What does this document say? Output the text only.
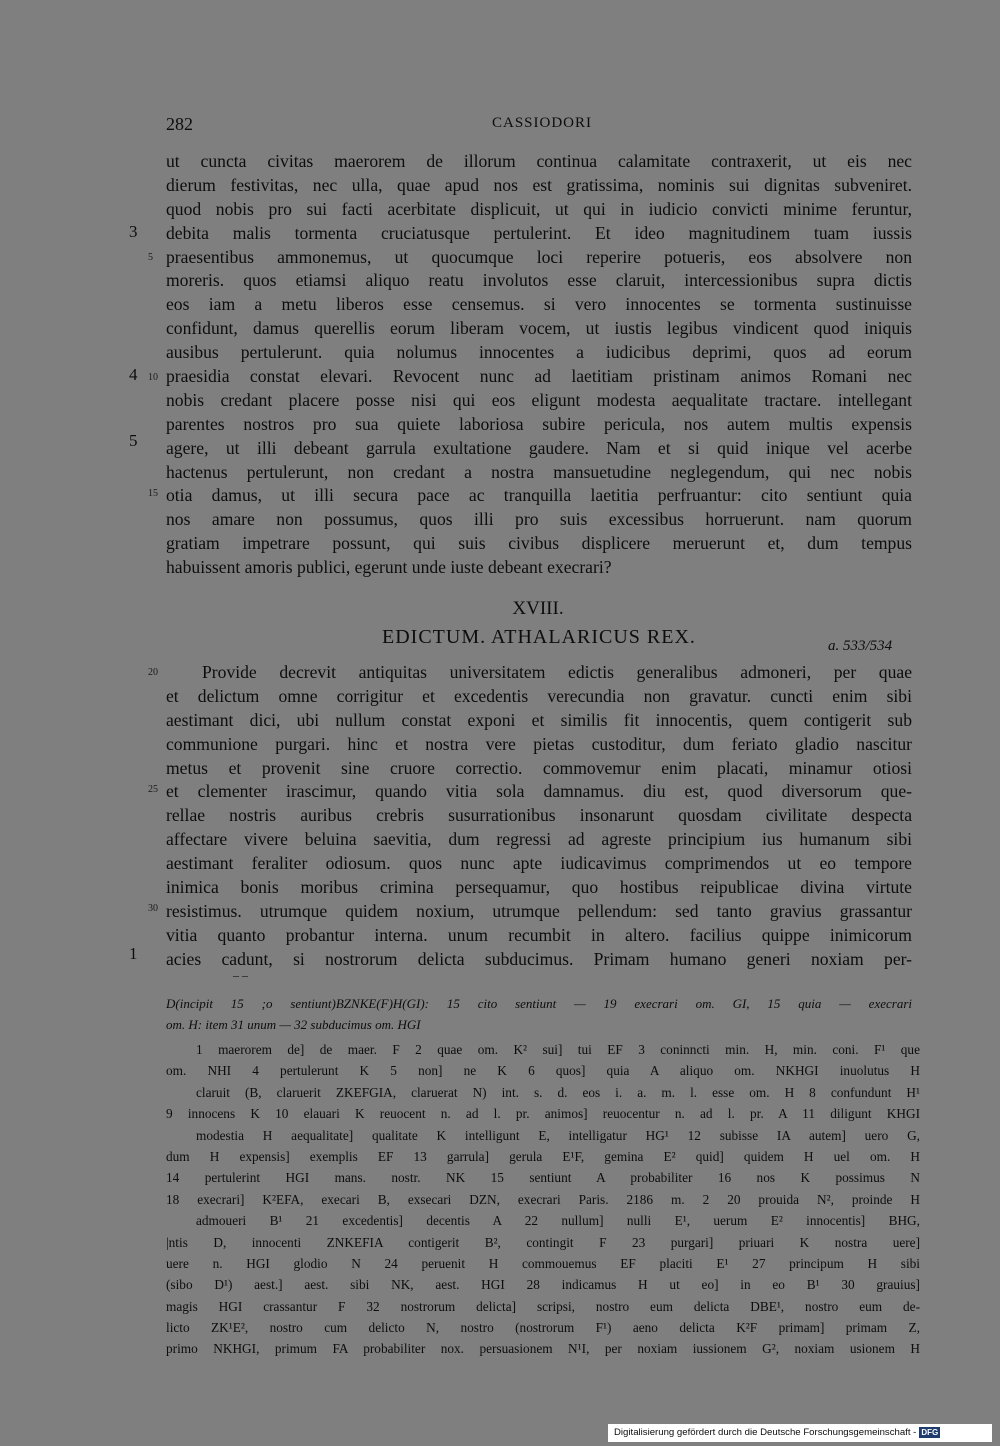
282	CASSIODORI
3
5
4 10
5
15
ut cuncta civitas maerorem de illorum continua calamitate contraxerit, ut eis nec
dierum festivitas, nec ulla, quae apud nos est gratissima, nominis sui dignitas subveniret.
quod nobis pro sui facti acerbitate displicuit, ut qui in iudicio convicti minime feruntur,
debita malis tormenta cruciatusque pertulerint. Et ideo magnitudinem tuam iussis
praesentibus ammonemus, ut quocumque loci reperire potueris, eos absolvere non
moreris. quos etiamsi aliquo reatu involutos esse claruit, intercessionibus supra dictis
eos iam a metu liberos esse censemus. si vero innocentes se tormenta sustinuisse
confidunt, damus querellis eorum liberam vocem, ut iustis legibus vindicent quod iniquis
ausibus pertulerunt. quia nolumus innocentes a iudicibus deprimi, quos ad eorum
praesidia constat elevari. Revocent nunc ad laetitiam pristinam animos Romani nec
nobis credant placere posse nisi qui eos eligunt modesta aequalitate tractare. intellegant
parentes nostros pro sua quiete laboriosa subire pericula, nos autem multis expensis
agere, ut illi debeant garrula exultatione gaudere. Nam et si quid inique vel acerbe
hactenus pertulerunt, non credant a nostra mansuetudine neglegendum, qui nec nobis
otia damus, ut illi secura pace ac tranquilla laetitia perfruantur: cito sentiunt quia
nos amare non possumus, quos illi pro suis excessibus horruerunt. nam quorum
gratiam impetrare possunt, qui suis civibus displicere meruerunt et, dum tempus
habuissent amoris publici, egerunt unde iuste debeant execrari?
XVIII.
EDICTUM. ATHALARICUS REX.	a. 533/534
20
25
30
1
Provide decrevit antiquitas universitatem edictis generalibus admoneri, per quae
et delictum omne corrigitur et excedentis verecundia non gravatur. cuncti enim sibi
aestimant dici, ubi nullum constat exponi et similis fit innocentis, quem contigerit sub
communione purgari. hinc et nostra vere pietas custoditur, dum feriato gladio nascitur
metus et provenit sine cruore correctio. commovemur enim placati, minamur otiosi
et clementer irascimur, quando vitia sola damnamus. diu est, quod diversorum que-
rellae nostris auribus crebris susurrationibus insonarunt quosdam civilitate despecta
affectare vivere beluina saevitia, dum regressi ad agreste principium ius humanum sibi
aestimant feraliter odiosum. quos nunc apte iudicavimus comprimendos ut eo tempore
inimica bonis moribus crimina persequamur, quo hostibus reipublicae divina virtute
resistimus. utrumque quidem noxium, utrumque pellendum: sed tanto gravius grassantur
vitia quanto probantur interna. unum recumbit in altero. facilius quippe inimicorum
acies cadunt, si nostrorum delicta subducimus. Primam humano generi noxiam per-
– –
D(incipit 15 ;o sentiunt)BZNKE(F)H(GI): 15 cito sentiunt — 19 execrari om. GI, 15 quia — execrari
om. H: item 31 unum — 32 subducimus om. HGI
1 maerorem de] de maer. F 2 quae om. K² sui] tui EF 3 coninncti min. H, min. coni. F¹ que
om. NHI 4 pertulerunt K 5 non] ne K 6 quos] quia A aliquo om. NKHGI inuolutus H
claruit (B, claruerit ZKEFGIA, claruerat N) int. s. d. eos i. a. m. l. esse om. H 8 confundunt H¹
9 innocens K 10 elauari K reuocent n. ad l. pr. animos] reuocentur n. ad l. pr. A 11 diligunt KHGI
modestia H aequalitate] qualitate K intelligunt E, intelligatur HG¹ 12 subisse IA autem] uero G,
dum H expensis] exemplis EF 13 garrula] gerula E¹F, gemina E² quid] quidem H uel om. H
14 pertulerint HGI mans. nostr. NK 15 sentiunt A probabiliter 16 nos K possimus N
18 execrari] K²EFA, execari B, exsecari DZN, execrari Paris. 2186 m. 2 20 prouida N², proinde H
admoueri B¹ 21 excedentis] decentis A 22 nullum] nulli E¹, uerum E² innocentis] BHG,
|ntis D, innocenti ZNKEFIA contigerit B², contingit F 23 purgari] priuari K nostra uere]
uere n. HGI glodio N 24 peruenit H commouemus EF placiti E¹ 27 principum H sibi
(sibo D¹) aest.] aest. sibi NK, aest. HGI 28 indicamus H ut eo] in eo B¹ 30 grauius]
magis HGI crassantur F 32 nostrorum delicta] scripsi, nostro eum delicta DBE¹, nostro eum de-
licto ZK¹E², nostro cum delicto N, nostro (nostrorum F¹) aeno delicta K²F primam] primam Z,
primo NKHGI, primum FA probabiliter nox. persuasionem N¹I, per noxiam iussionem G², noxiam usionem H
Digitalisierung gefördert durch die Deutsche Forschungsgemeinschaft - DFG
